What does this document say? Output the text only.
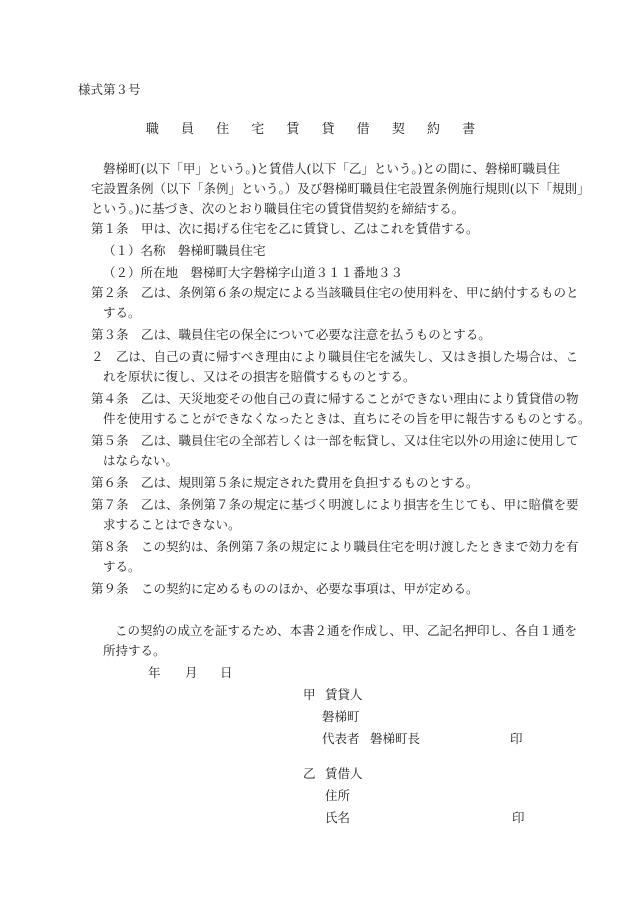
様式第３号
職 員 住 宅 賃 貸 借 契 約 書
磐梯町(以下「甲」という。)と賃借人(以下「乙」という。)との間に、磐梯町職員住
宅設置条例（以下「条例」という。）及び磐梯町職員住宅設置条例施行規則(以下「規則」
という。)に基づき、次のとおり職員住宅の賃貸借契約を締結する。
第１条　甲は、次に掲げる住宅を乙に賃貸し、乙はこれを賃借する。
（１）名称　磐梯町職員住宅
（２）所在地　磐梯町大字磐梯字山道３１１番地３３
第２条　乙は、条例第６条の規定による当該職員住宅の使用料を、甲に納付するものと
する。
第３条　乙は、職員住宅の保全について必要な注意を払うものとする。
２　乙は、自己の責に帰すべき理由により職員住宅を滅失し、又はき損した場合は、こ
れを原状に復し、又はその損害を賠償するものとする。
第４条　乙は、天災地変その他自己の責に帰することができない理由により賃貸借の物
件を使用することができなくなったときは、直ちにその旨を甲に報告するものとする。
第５条　乙は、職員住宅の全部若しくは一部を転貸し、又は住宅以外の用途に使用して
はならない。
第６条　乙は、規則第５条に規定された費用を負担するものとする。
第７条　乙は、条例第７条の規定に基づく明渡しにより損害を生じても、甲に賠償を要
求することはできない。
第８条　この契約は、条例第７条の規定により職員住宅を明け渡したときまで効力を有
する。
第９条　この契約に定めるもののほか、必要な事項は、甲が定める。
この契約の成立を証するため、本書２通を作成し、甲、乙記名押印し、各自１通を
所持する。
年 月 日
甲 賃貸人
磐梯町
代表者 磐梯町長	印
乙 賃借人
住所
氏名	印
